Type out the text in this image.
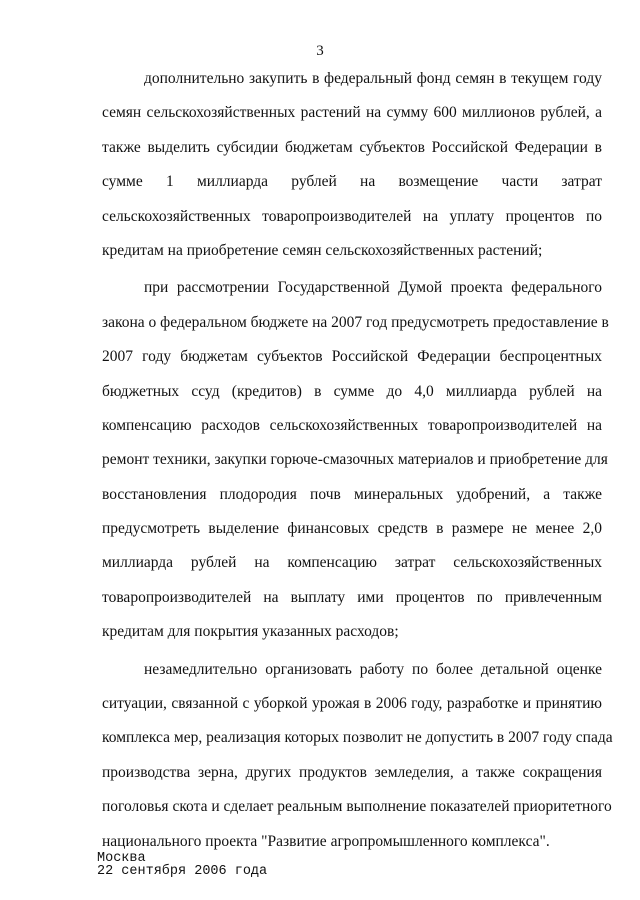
3
дополнительно закупить в федеральный фонд семян в текущем году
семян сельскохозяйственных растений на сумму 600 миллионов рублей, а
также выделить субсидии бюджетам субъектов Российской Федерации в
сумме 1 миллиарда рублей на возмещение части затрат
сельскохозяйственных товаропроизводителей на уплату процентов по
кредитам на приобретение семян сельскохозяйственных растений;
при рассмотрении Государственной Думой проекта федерального
закона о федеральном бюджете на 2007 год предусмотреть предоставление в
2007 году бюджетам субъектов Российской Федерации беспроцентных
бюджетных ссуд (кредитов) в сумме до 4,0 миллиарда рублей на
компенсацию расходов сельскохозяйственных товаропроизводителей на
ремонт техники, закупки горюче-смазочных материалов и приобретение для
восстановления плодородия почв минеральных удобрений, а также
предусмотреть выделение финансовых средств в размере не менее 2,0
миллиарда рублей на компенсацию затрат сельскохозяйственных
товаропроизводителей на выплату ими процентов по привлеченным
кредитам для покрытия указанных расходов;
незамедлительно организовать работу по более детальной оценке
ситуации, связанной с уборкой урожая в 2006 году, разработке и принятию
комплекса мер, реализация которых позволит не допустить в 2007 году спада
производства зерна, других продуктов земледелия, а также сокращения
поголовья скота и сделает реальным выполнение показателей приоритетного
национального проекта "Развитие агропромышленного комплекса".
Москва
22 сентября 2006 года
